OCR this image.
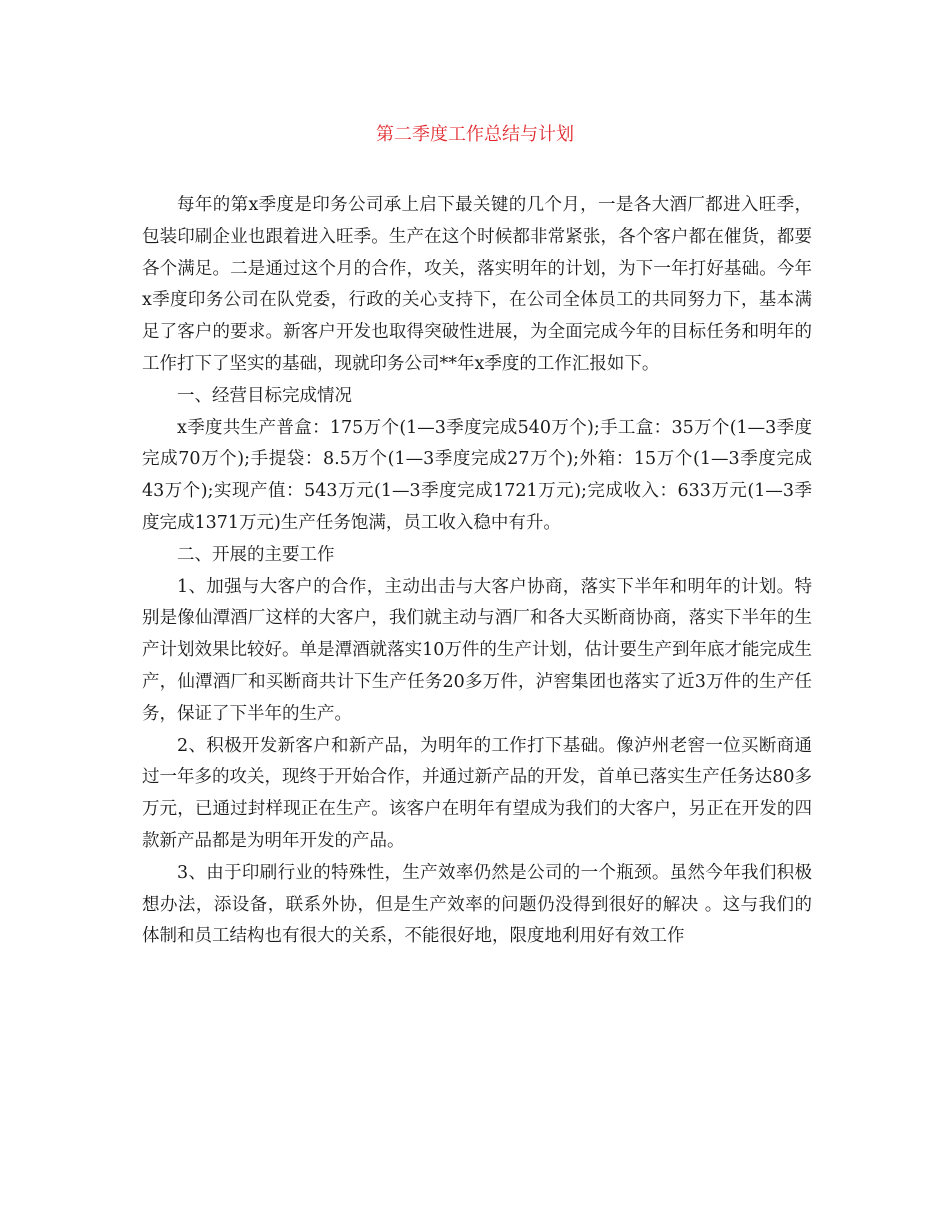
第二季度工作总结与计划

每年的第x季度是印务公司承上启下最关键的几个月，一是各大酒厂都进入旺季，包装印刷企业也跟着进入旺季。生产在这个时候都非常紧张，各个客户都在催货，都要各个满足。二是通过这个月的合作，攻关，落实明年的计划，为下一年打好基础。今年x季度印务公司在队党委，行政的关心支持下，在公司全体员工的共同努力下，基本满足了客户的要求。新客户开发也取得突破性进展，为全面完成今年的目标任务和明年的工作打下了坚实的基础，现就印务公司**年x季度的工作汇报如下。

一、经营目标完成情况

x季度共生产普盒：175万个(1—3季度完成540万个);手工盒：35万个(1—3季度完成70万个);手提袋：8.5万个(1—3季度完成27万个);外箱：15万个(1—3季度完成43万个);实现产值：543万元(1—3季度完成1721万元);完成收入：633万元(1—3季度完成1371万元)生产任务饱满，员工收入稳中有升。

二、开展的主要工作

1、加强与大客户的合作，主动出击与大客户协商，落实下半年和明年的计划。特别是像仙潭酒厂这样的大客户，我们就主动与酒厂和各大买断商协商，落实下半年的生产计划效果比较好。单是潭酒就落实10万件的生产计划，估计要生产到年底才能完成生产，仙潭酒厂和买断商共计下生产任务20多万件，泸窖集团也落实了近3万件的生产任务，保证了下半年的生产。

2、积极开发新客户和新产品，为明年的工作打下基础。像泸州老窖一位买断商通过一年多的攻关，现终于开始合作，并通过新产品的开发，首单已落实生产任务达80多万元，已通过封样现正在生产。该客户在明年有望成为我们的大客户，另正在开发的四款新产品都是为明年开发的产品。

3、由于印刷行业的特殊性，生产效率仍然是公司的一个瓶颈。虽然今年我们积极想办法，添设备，联系外协，但是生产效率的问题仍没得到很好的解决 。这与我们的体制和员工结构也有很大的关系，不能很好地，限度地利用好有效工作
